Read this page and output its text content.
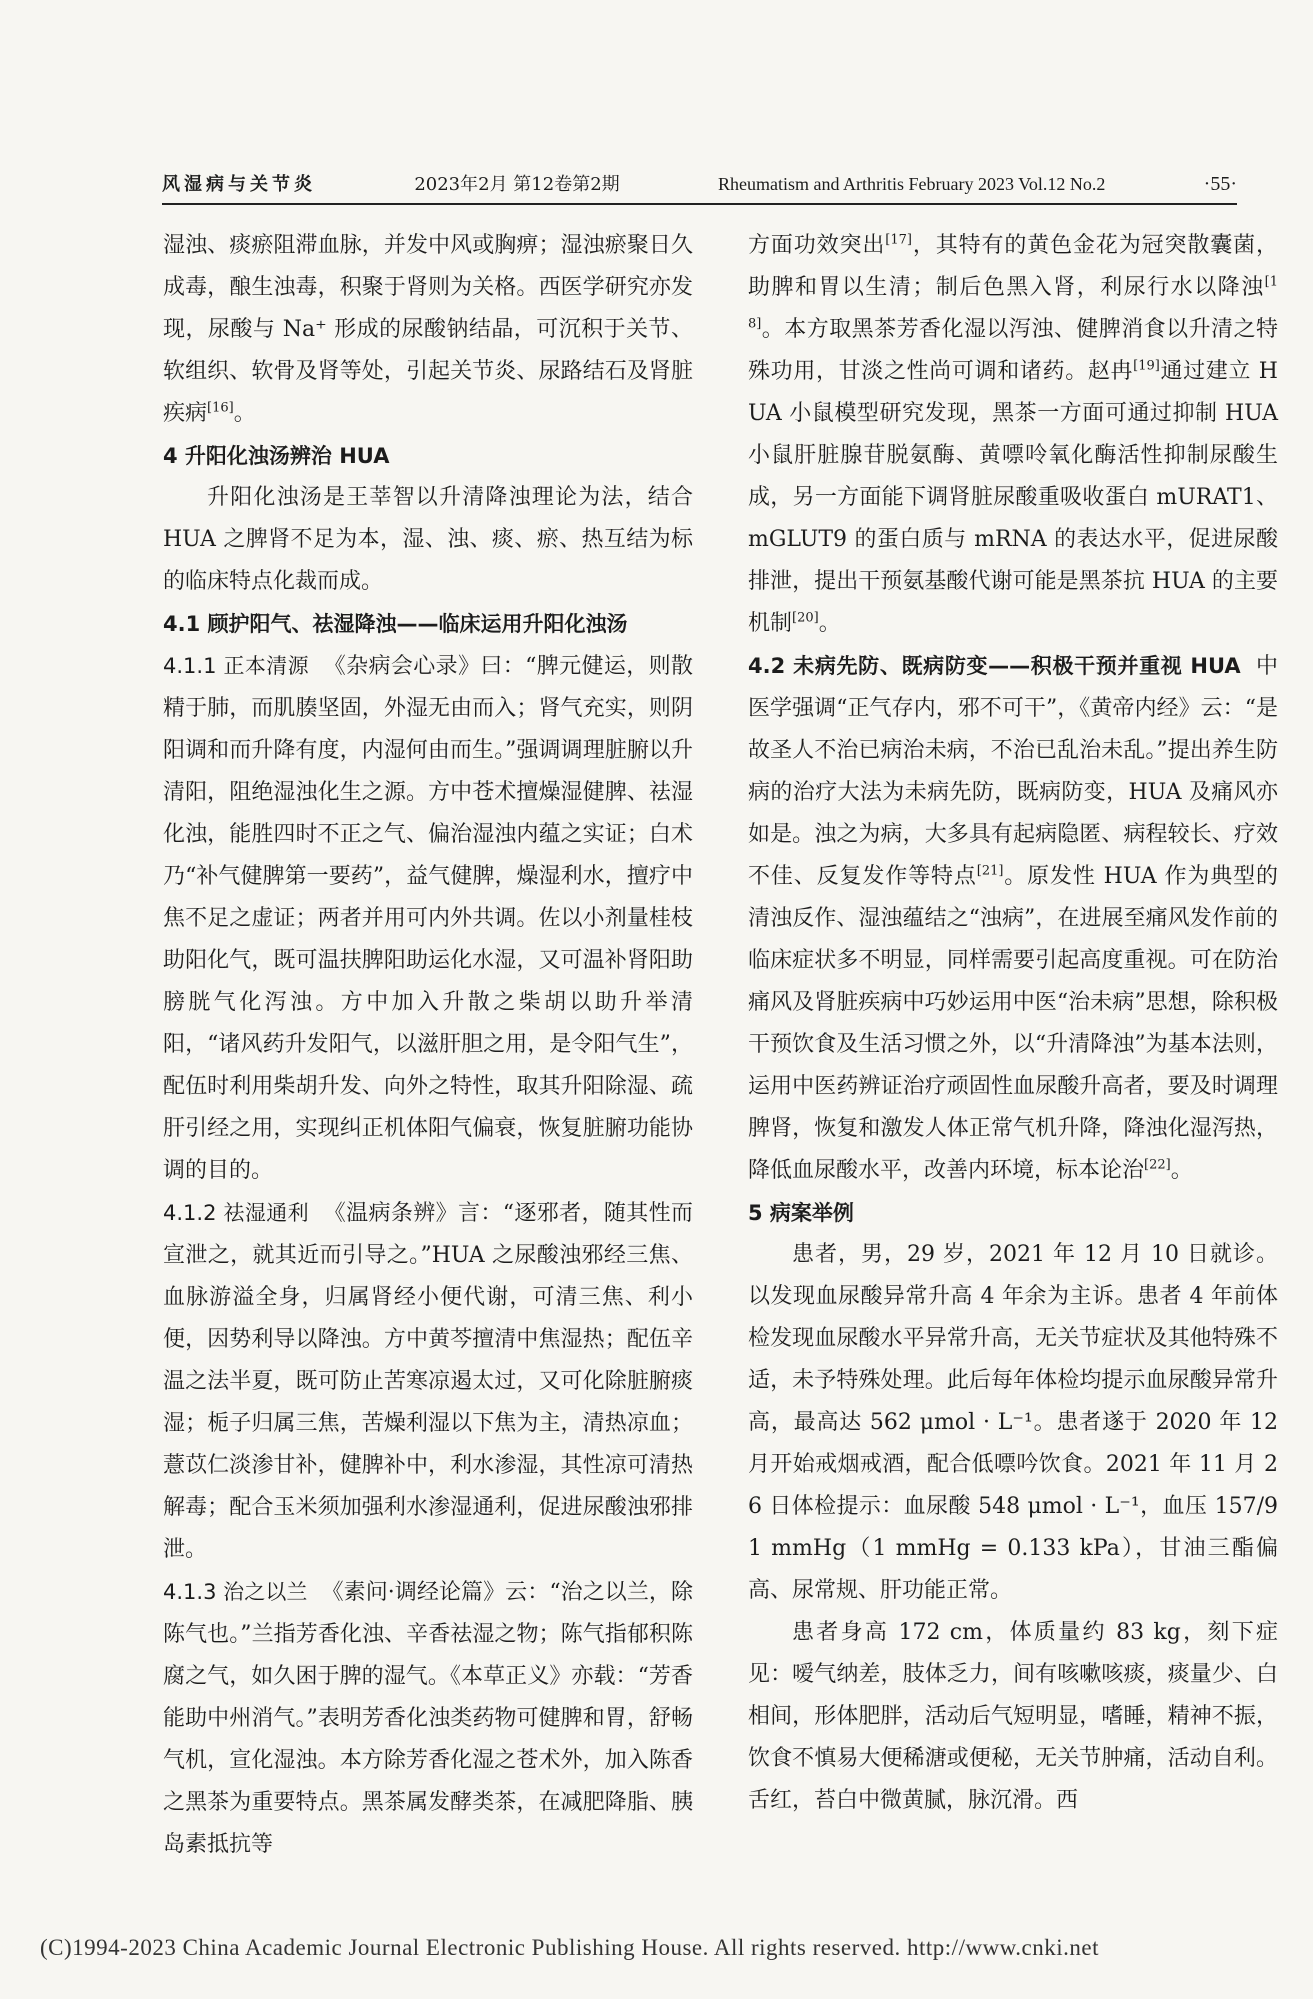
风湿病与关节炎	2023年2月 第12卷第2期	Rheumatism and Arthritis February 2023 Vol.12 No.2	·55·

湿浊、痰瘀阻滞血脉，并发中风或胸痹；湿浊瘀聚日久成毒，酿生浊毒，积聚于肾则为关格。西医学研究亦发现，尿酸与 Na⁺ 形成的尿酸钠结晶，可沉积于关节、软组织、软骨及肾等处，引起关节炎、尿路结石及肾脏疾病[16]。

4 升阳化浊汤辨治 HUA

升阳化浊汤是王莘智以升清降浊理论为法，结合 HUA 之脾肾不足为本，湿、浊、痰、瘀、热互结为标的临床特点化裁而成。

4.1 顾护阳气、祛湿降浊——临床运用升阳化浊汤

4.1.1 正本清源 《杂病会心录》曰：“脾元健运，则散精于肺，而肌腠坚固，外湿无由而入；肾气充实，则阴阳调和而升降有度，内湿何由而生。”强调调理脏腑以升清阳，阻绝湿浊化生之源。方中苍术擅燥湿健脾、祛湿化浊，能胜四时不正之气、偏治湿浊内蕴之实证；白术乃“补气健脾第一要药”，益气健脾，燥湿利水，擅疗中焦不足之虚证；两者并用可内外共调。佐以小剂量桂枝助阳化气，既可温扶脾阳助运化水湿，又可温补肾阳助膀胱气化泻浊。方中加入升散之柴胡以助升举清阳，“诸风药升发阳气，以滋肝胆之用，是令阳气生”，配伍时利用柴胡升发、向外之特性，取其升阳除湿、疏肝引经之用，实现纠正机体阳气偏衰，恢复脏腑功能协调的目的。

4.1.2 祛湿通利 《温病条辨》言：“逐邪者，随其性而宣泄之，就其近而引导之。”HUA 之尿酸浊邪经三焦、血脉游溢全身，归属肾经小便代谢，可清三焦、利小便，因势利导以降浊。方中黄芩擅清中焦湿热；配伍辛温之法半夏，既可防止苦寒凉遏太过，又可化除脏腑痰湿；栀子归属三焦，苦燥利湿以下焦为主，清热凉血；薏苡仁淡渗甘补，健脾补中，利水渗湿，其性凉可清热解毒；配合玉米须加强利水渗湿通利，促进尿酸浊邪排泄。

4.1.3 治之以兰 《素问·调经论篇》云：“治之以兰，除陈气也。”兰指芳香化浊、辛香祛湿之物；陈气指郁积陈腐之气，如久困于脾的湿气。《本草正义》亦载：“芳香能助中州消气。”表明芳香化浊类药物可健脾和胃，舒畅气机，宣化湿浊。本方除芳香化湿之苍术外，加入陈香之黑茶为重要特点。黑茶属发酵类茶，在减肥降脂、胰岛素抵抗等

方面功效突出[17]，其特有的黄色金花为冠突散囊菌，助脾和胃以生清；制后色黑入肾，利尿行水以降浊[18]。本方取黑茶芳香化湿以泻浊、健脾消食以升清之特殊功用，甘淡之性尚可调和诸药。赵冉[19]通过建立 HUA 小鼠模型研究发现，黑茶一方面可通过抑制 HUA 小鼠肝脏腺苷脱氨酶、黄嘌呤氧化酶活性抑制尿酸生成，另一方面能下调肾脏尿酸重吸收蛋白 mURAT1、mGLUT9 的蛋白质与 mRNA 的表达水平，促进尿酸排泄，提出干预氨基酸代谢可能是黑茶抗 HUA 的主要机制[20]。

4.2 未病先防、既病防变——积极干预并重视 HUA 中医学强调“正气存内，邪不可干”，《黄帝内经》云：“是故圣人不治已病治未病，不治已乱治未乱。”提出养生防病的治疗大法为未病先防，既病防变，HUA 及痛风亦如是。浊之为病，大多具有起病隐匿、病程较长、疗效不佳、反复发作等特点[21]。原发性 HUA 作为典型的清浊反作、湿浊蕴结之“浊病”，在进展至痛风发作前的临床症状多不明显，同样需要引起高度重视。可在防治痛风及肾脏疾病中巧妙运用中医“治未病”思想，除积极干预饮食及生活习惯之外，以“升清降浊”为基本法则，运用中医药辨证治疗顽固性血尿酸升高者，要及时调理脾肾，恢复和激发人体正常气机升降，降浊化湿泻热，降低血尿酸水平，改善内环境，标本论治[22]。

5 病案举例

患者，男，29 岁，2021 年 12 月 10 日就诊。以发现血尿酸异常升高 4 年余为主诉。患者 4 年前体检发现血尿酸水平异常升高，无关节症状及其他特殊不适，未予特殊处理。此后每年体检均提示血尿酸异常升高，最高达 562 μmol · L⁻¹。患者遂于 2020 年 12 月开始戒烟戒酒，配合低嘌吟饮食。2021 年 11 月 26 日体检提示：血尿酸 548 μmol · L⁻¹，血压 157/91 mmHg（1 mmHg = 0.133 kPa），甘油三酯偏高、尿常规、肝功能正常。

患者身高 172 cm，体质量约 83 kg，刻下症见：嗳气纳差，肢体乏力，间有咳嗽咳痰，痰量少、白相间，形体肥胖，活动后气短明显，嗜睡，精神不振，饮食不慎易大便稀溏或便秘，无关节肿痛，活动自利。舌红，苔白中微黄腻，脉沉滑。西

(C)1994-2023 China Academic Journal Electronic Publishing House. All rights reserved. http://www.cnki.net
